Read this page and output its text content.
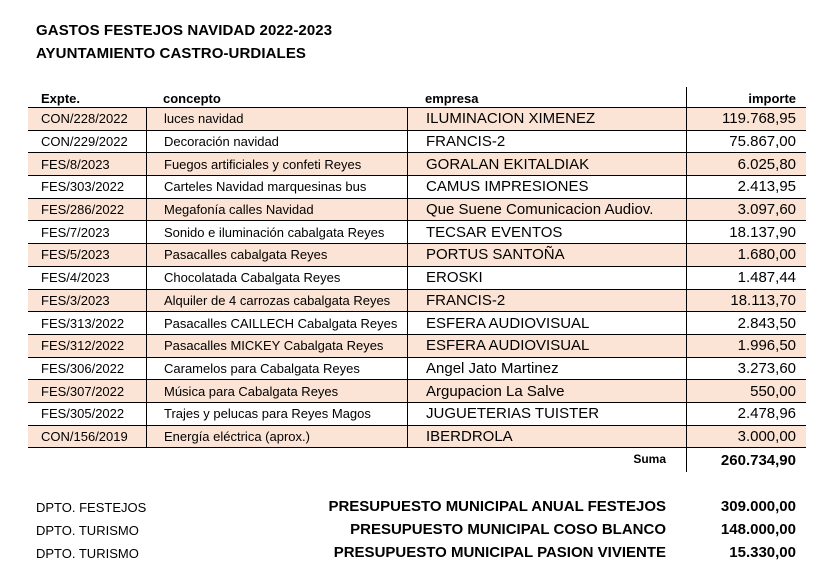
GASTOS FESTEJOS NAVIDAD 2022-2023
AYUNTAMIENTO CASTRO-URDIALES
Expte.	concepto	empresa	importe
CON/228/2022	luces navidad	ILUMINACION XIMENEZ	119.768,95
CON/229/2022	Decoración navidad	FRANCIS-2	75.867,00
FES/8/2023	Fuegos artificiales y confeti Reyes	GORALAN EKITALDIAK	6.025,80
FES/303/2022	Carteles Navidad marquesinas bus	CAMUS IMPRESIONES	2.413,95
FES/286/2022	Megafonía calles Navidad	Que Suene Comunicacion Audiov.	3.097,60
FES/7/2023	Sonido e iluminación cabalgata Reyes	TECSAR EVENTOS	18.137,90
FES/5/2023	Pasacalles cabalgata Reyes	PORTUS SANTOÑA	1.680,00
FES/4/2023	Chocolatada Cabalgata Reyes	EROSKI	1.487,44
FES/3/2023	Alquiler de 4 carrozas cabalgata Reyes	FRANCIS-2	18.113,70
FES/313/2022	Pasacalles CAILLECH Cabalgata Reyes	ESFERA AUDIOVISUAL	2.843,50
FES/312/2022	Pasacalles MICKEY Cabalgata Reyes	ESFERA AUDIOVISUAL	1.996,50
FES/306/2022	Caramelos para Cabalgata Reyes	Angel Jato Martinez	3.273,60
FES/307/2022	Música para Cabalgata Reyes	Argupacion La Salve	550,00
FES/305/2022	Trajes y pelucas para Reyes Magos	JUGUETERIAS TUISTER	2.478,96
CON/156/2019	Energía eléctrica (aprox.)	IBERDROLA	3.000,00
Suma	260.734,90
DPTO. FESTEJOS	PRESUPUESTO MUNICIPAL ANUAL FESTEJOS	309.000,00
DPTO. TURISMO	PRESUPUESTO MUNICIPAL COSO BLANCO	148.000,00
DPTO. TURISMO	PRESUPUESTO MUNICIPAL PASION VIVIENTE	15.330,00
